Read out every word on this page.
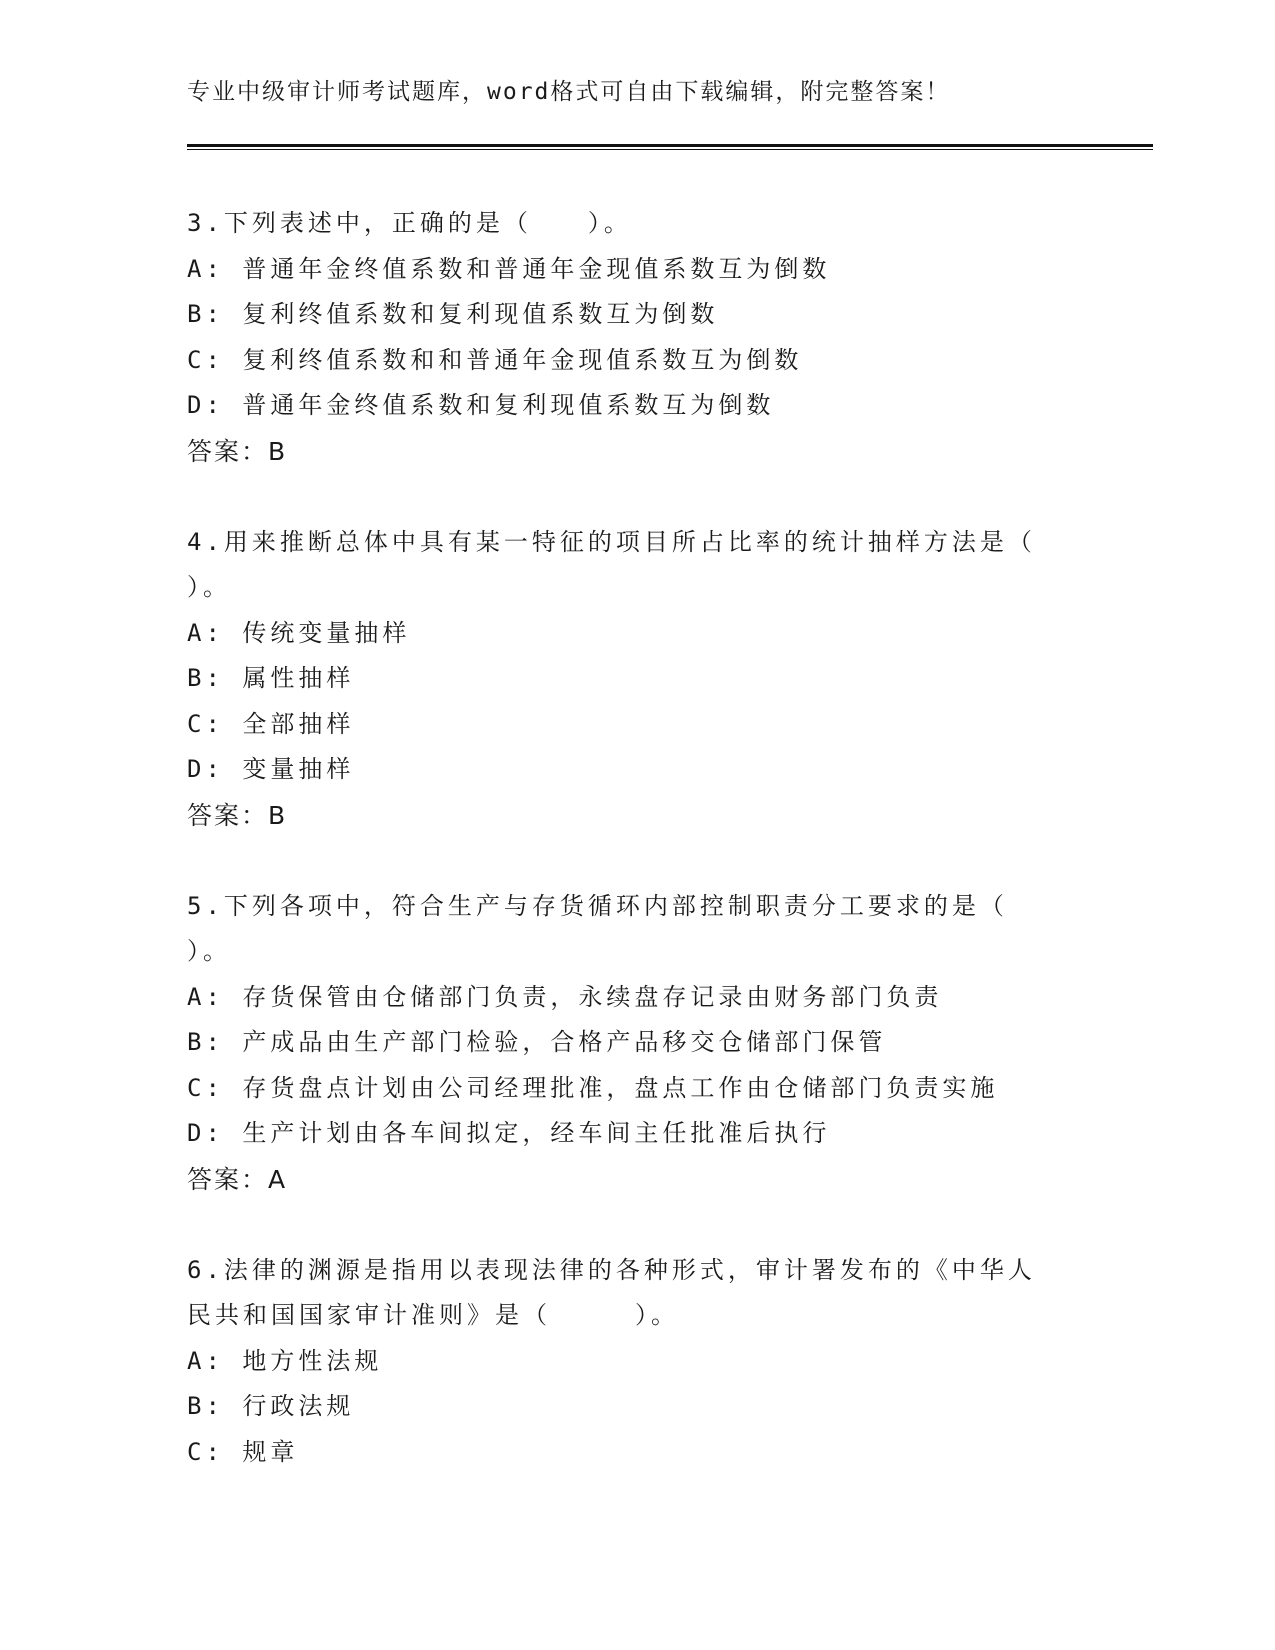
专业中级审计师考试题库，word格式可自由下载编辑，附完整答案！
3.下列表述中，正确的是（　　）。
A: 普通年金终值系数和普通年金现值系数互为倒数
B: 复利终值系数和复利现值系数互为倒数
C: 复利终值系数和和普通年金现值系数互为倒数
D: 普通年金终值系数和复利现值系数互为倒数
答案：B
4.用来推断总体中具有某一特征的项目所占比率的统计抽样方法是（
）。
A: 传统变量抽样
B: 属性抽样
C: 全部抽样
D: 变量抽样
答案：B
5.下列各项中，符合生产与存货循环内部控制职责分工要求的是（
）。
A: 存货保管由仓储部门负责，永续盘存记录由财务部门负责
B: 产成品由生产部门检验，合格产品移交仓储部门保管
C: 存货盘点计划由公司经理批准，盘点工作由仓储部门负责实施
D: 生产计划由各车间拟定，经车间主任批准后执行
答案：A
6.法律的渊源是指用以表现法律的各种形式，审计署发布的《中华人
民共和国国家审计准则》是（　　　）。
A: 地方性法规
B: 行政法规
C: 规章
